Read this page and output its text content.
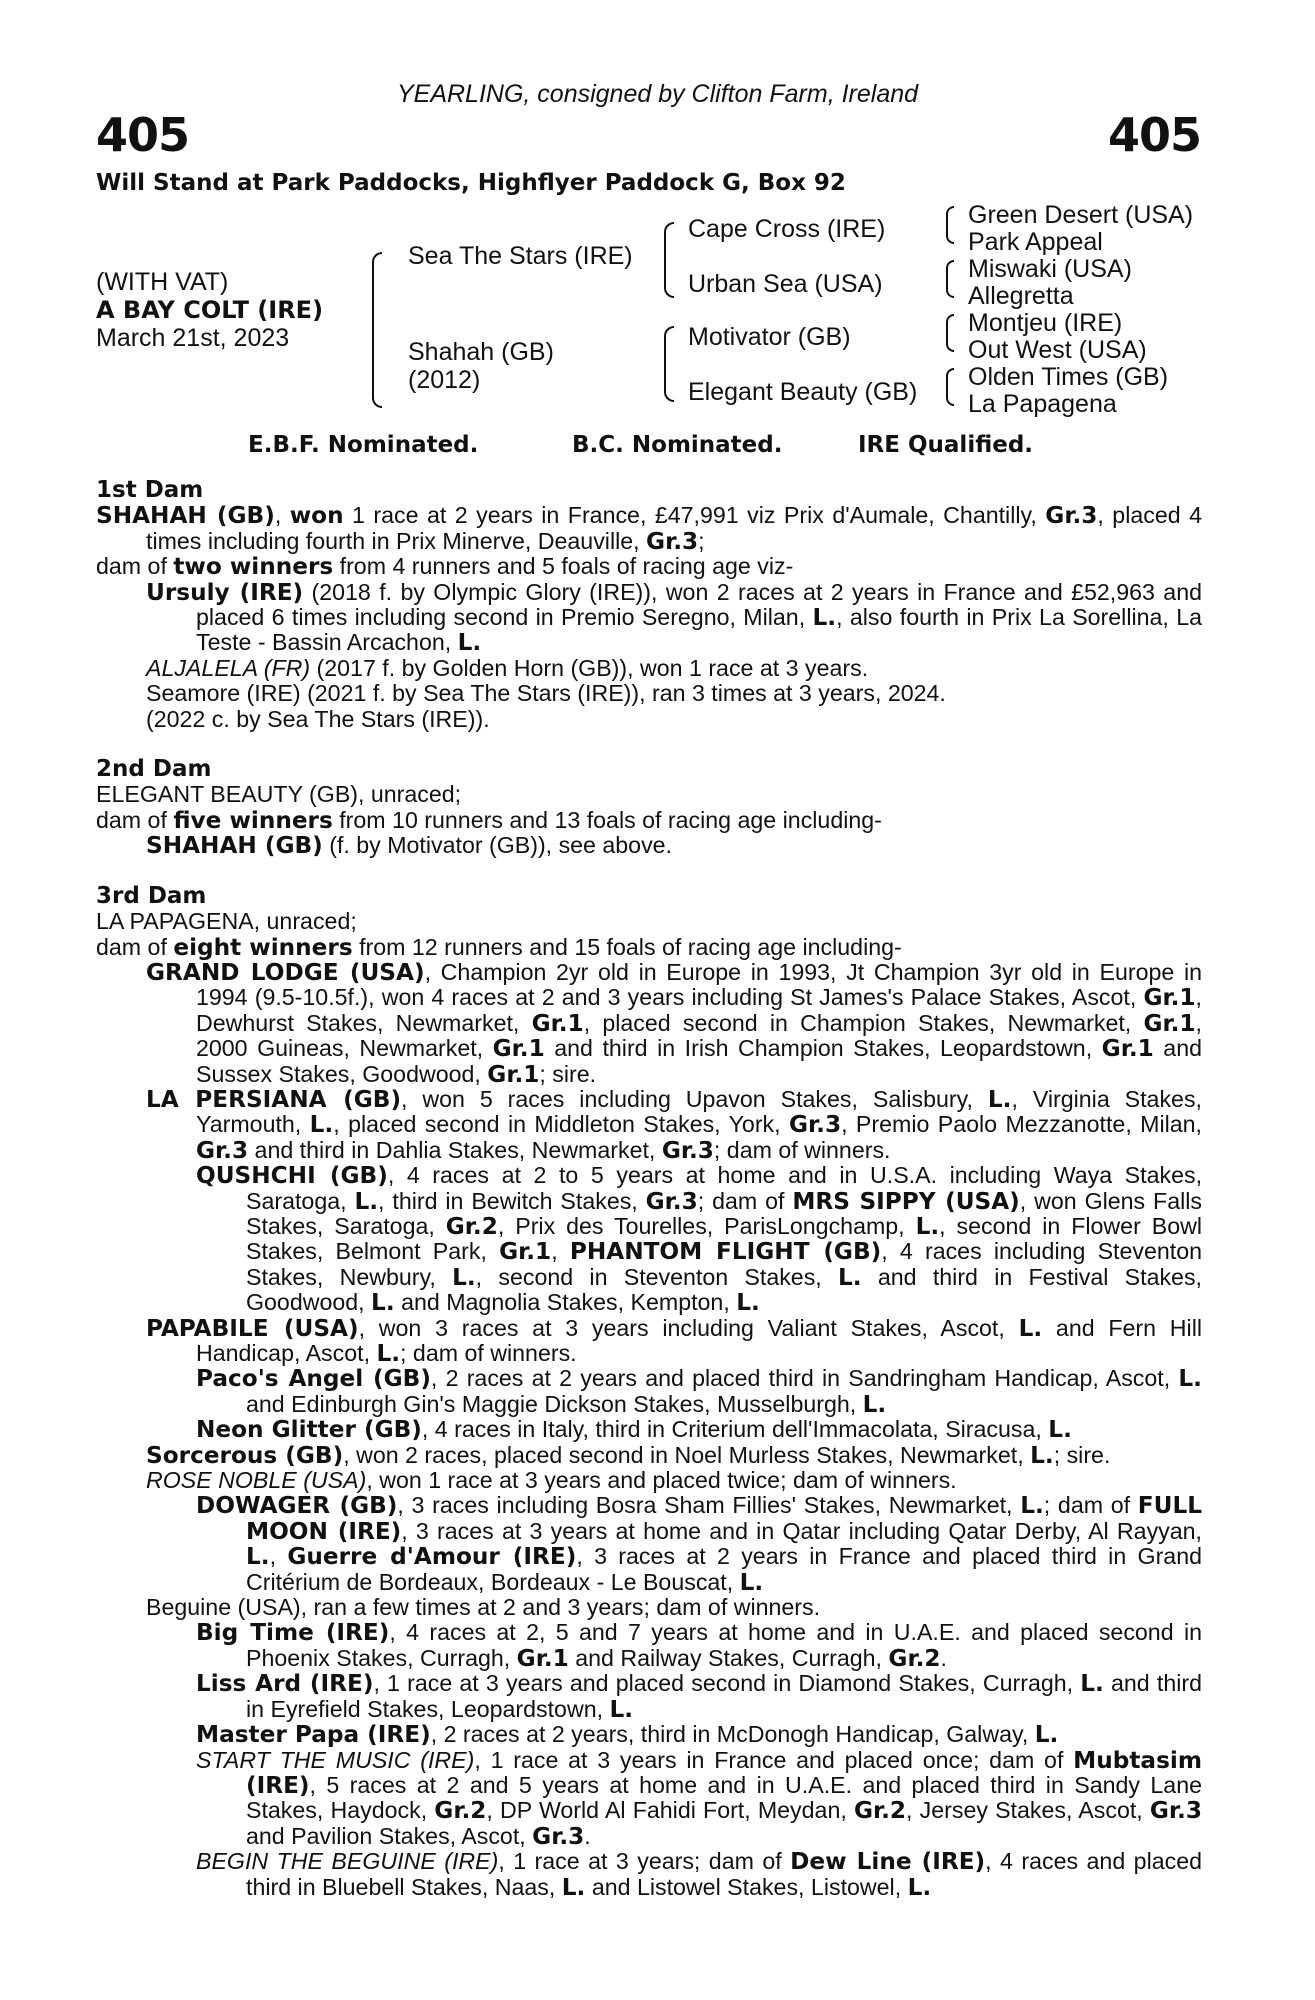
YEARLING, consigned by Clifton Farm, Ireland
405	405
Will Stand at Park Paddocks, Highflyer Paddock G, Box 92
(WITH VAT)
A BAY COLT (IRE)
March 21st, 2023
Sea The Stars (IRE)
Shahah (GB)
(2012)
Cape Cross (IRE)
Urban Sea (USA)
Motivator (GB)
Elegant Beauty (GB)
Green Desert (USA)
Park Appeal
Miswaki (USA)
Allegretta
Montjeu (IRE)
Out West (USA)
Olden Times (GB)
La Papagena
E.B.F. Nominated.	B.C. Nominated.	IRE Qualified.
1st Dam
SHAHAH (GB), won 1 race at 2 years in France, £47,991 viz Prix d'Aumale, Chantilly, Gr.3, placed 4 times including fourth in Prix Minerve, Deauville, Gr.3;
dam of two winners from 4 runners and 5 foals of racing age viz-
Ursuly (IRE) (2018 f. by Olympic Glory (IRE)), won 2 races at 2 years in France and £52,963 and placed 6 times including second in Premio Seregno, Milan, L., also fourth in Prix La Sorellina, La Teste - Bassin Arcachon, L.
ALJALELA (FR) (2017 f. by Golden Horn (GB)), won 1 race at 3 years.
Seamore (IRE) (2021 f. by Sea The Stars (IRE)), ran 3 times at 3 years, 2024.
(2022 c. by Sea The Stars (IRE)).
2nd Dam
ELEGANT BEAUTY (GB), unraced;
dam of five winners from 10 runners and 13 foals of racing age including-
SHAHAH (GB) (f. by Motivator (GB)), see above.
3rd Dam
LA PAPAGENA, unraced;
dam of eight winners from 12 runners and 15 foals of racing age including-
GRAND LODGE (USA), Champion 2yr old in Europe in 1993, Jt Champion 3yr old in Europe in 1994 (9.5-10.5f.), won 4 races at 2 and 3 years including St James's Palace Stakes, Ascot, Gr.1, Dewhurst Stakes, Newmarket, Gr.1, placed second in Champion Stakes, Newmarket, Gr.1, 2000 Guineas, Newmarket, Gr.1 and third in Irish Champion Stakes, Leopardstown, Gr.1 and Sussex Stakes, Goodwood, Gr.1; sire.
LA PERSIANA (GB), won 5 races including Upavon Stakes, Salisbury, L., Virginia Stakes, Yarmouth, L., placed second in Middleton Stakes, York, Gr.3, Premio Paolo Mezzanotte, Milan, Gr.3 and third in Dahlia Stakes, Newmarket, Gr.3; dam of winners.
QUSHCHI (GB), 4 races at 2 to 5 years at home and in U.S.A. including Waya Stakes, Saratoga, L., third in Bewitch Stakes, Gr.3; dam of MRS SIPPY (USA), won Glens Falls Stakes, Saratoga, Gr.2, Prix des Tourelles, ParisLongchamp, L., second in Flower Bowl Stakes, Belmont Park, Gr.1, PHANTOM FLIGHT (GB), 4 races including Steventon Stakes, Newbury, L., second in Steventon Stakes, L. and third in Festival Stakes, Goodwood, L. and Magnolia Stakes, Kempton, L.
PAPABILE (USA), won 3 races at 3 years including Valiant Stakes, Ascot, L. and Fern Hill Handicap, Ascot, L.; dam of winners.
Paco's Angel (GB), 2 races at 2 years and placed third in Sandringham Handicap, Ascot, L. and Edinburgh Gin's Maggie Dickson Stakes, Musselburgh, L.
Neon Glitter (GB), 4 races in Italy, third in Criterium dell'Immacolata, Siracusa, L.
Sorcerous (GB), won 2 races, placed second in Noel Murless Stakes, Newmarket, L.; sire.
ROSE NOBLE (USA), won 1 race at 3 years and placed twice; dam of winners.
DOWAGER (GB), 3 races including Bosra Sham Fillies' Stakes, Newmarket, L.; dam of FULL MOON (IRE), 3 races at 3 years at home and in Qatar including Qatar Derby, Al Rayyan, L., Guerre d'Amour (IRE), 3 races at 2 years in France and placed third in Grand Critérium de Bordeaux, Bordeaux - Le Bouscat, L.
Beguine (USA), ran a few times at 2 and 3 years; dam of winners.
Big Time (IRE), 4 races at 2, 5 and 7 years at home and in U.A.E. and placed second in Phoenix Stakes, Curragh, Gr.1 and Railway Stakes, Curragh, Gr.2.
Liss Ard (IRE), 1 race at 3 years and placed second in Diamond Stakes, Curragh, L. and third in Eyrefield Stakes, Leopardstown, L.
Master Papa (IRE), 2 races at 2 years, third in McDonogh Handicap, Galway, L.
START THE MUSIC (IRE), 1 race at 3 years in France and placed once; dam of Mubtasim (IRE), 5 races at 2 and 5 years at home and in U.A.E. and placed third in Sandy Lane Stakes, Haydock, Gr.2, DP World Al Fahidi Fort, Meydan, Gr.2, Jersey Stakes, Ascot, Gr.3 and Pavilion Stakes, Ascot, Gr.3.
BEGIN THE BEGUINE (IRE), 1 race at 3 years; dam of Dew Line (IRE), 4 races and placed third in Bluebell Stakes, Naas, L. and Listowel Stakes, Listowel, L.
